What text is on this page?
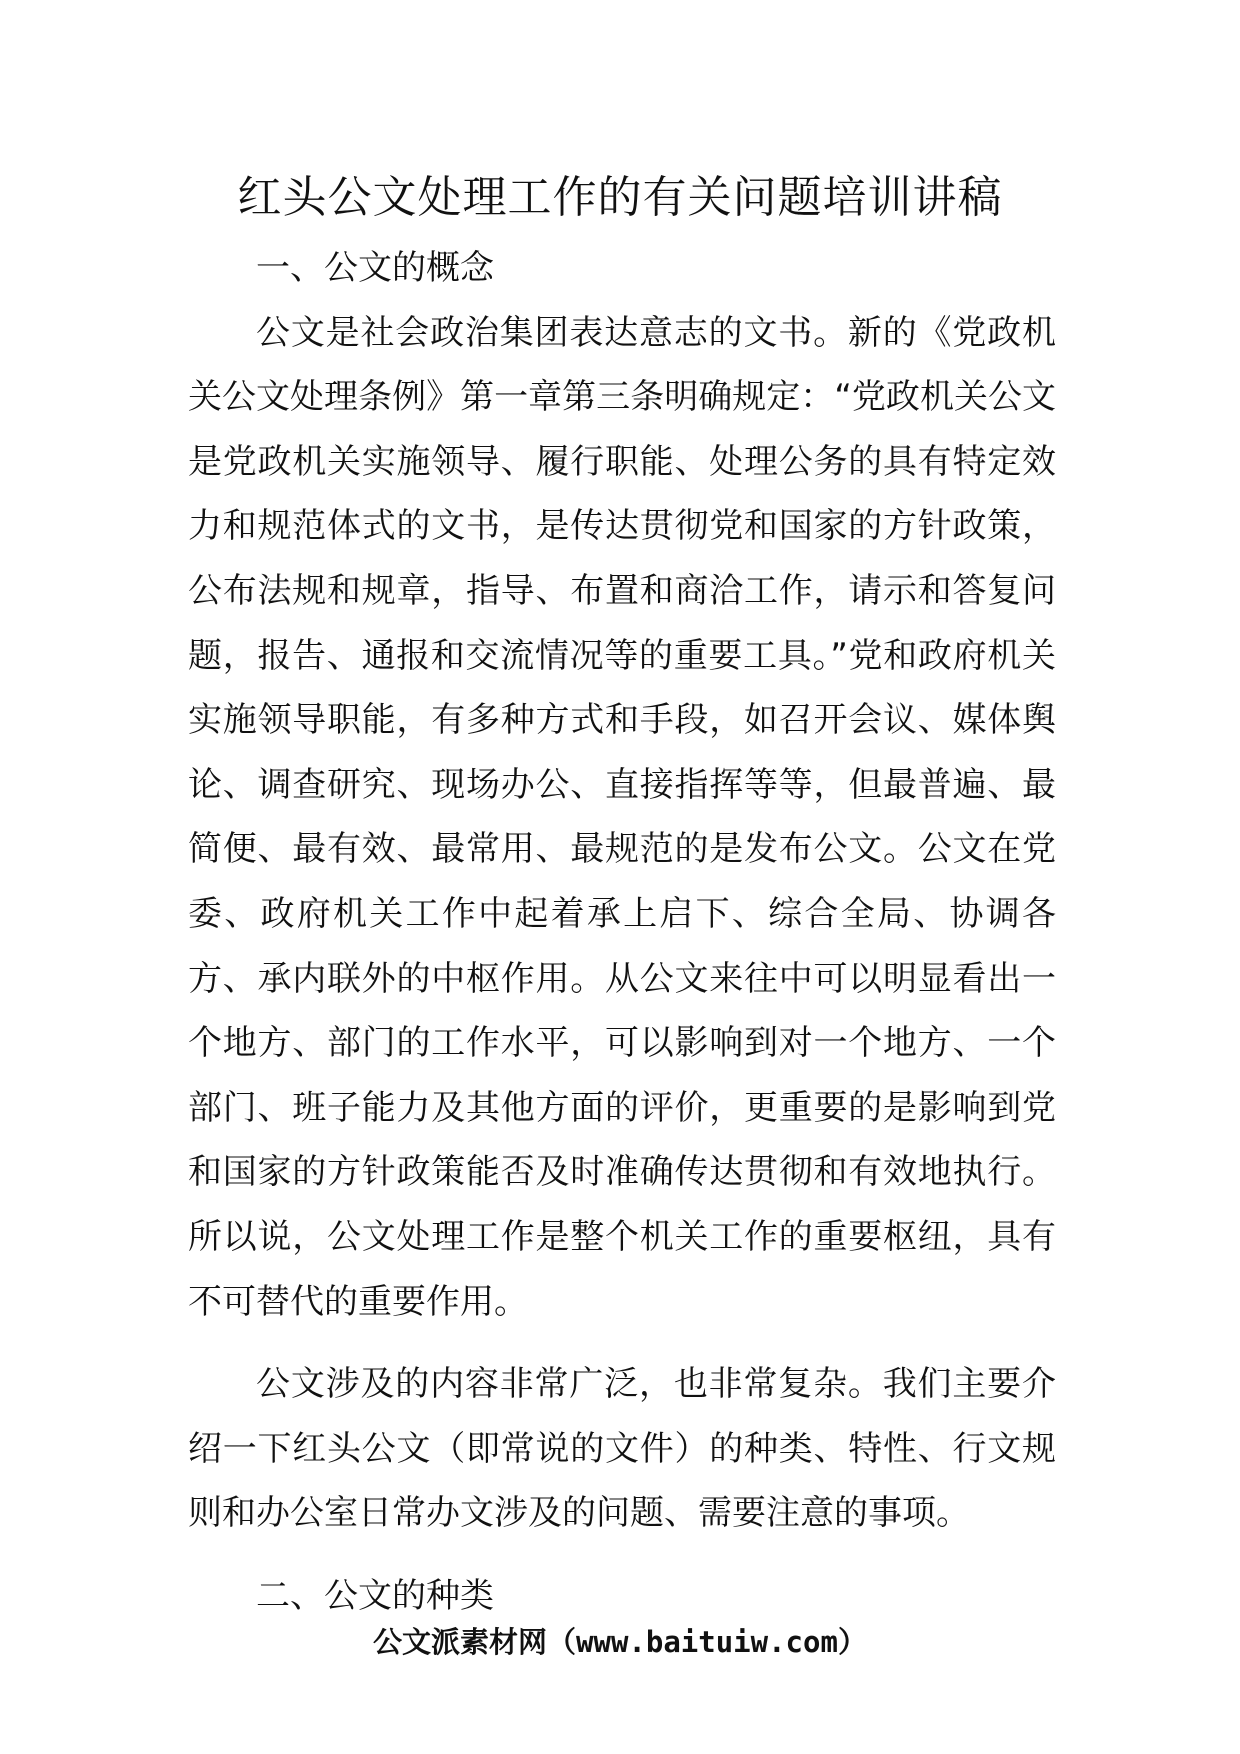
红头公文处理工作的有关问题培训讲稿

一、公文的概念

公文是社会政治集团表达意志的文书。新的《党政机关公文处理条例》第一章第三条明确规定：“党政机关公文是党政机关实施领导、履行职能、处理公务的具有特定效力和规范体式的文书，是传达贯彻党和国家的方针政策，公布法规和规章，指导、布置和商洽工作，请示和答复问题，报告、通报和交流情况等的重要工具。”党和政府机关实施领导职能，有多种方式和手段，如召开会议、媒体舆论、调查研究、现场办公、直接指挥等等，但最普遍、最简便、最有效、最常用、最规范的是发布公文。公文在党委、政府机关工作中起着承上启下、综合全局、协调各方、承内联外的中枢作用。从公文来往中可以明显看出一个地方、部门的工作水平，可以影响到对一个地方、一个部门、班子能力及其他方面的评价，更重要的是影响到党和国家的方针政策能否及时准确传达贯彻和有效地执行。所以说，公文处理工作是整个机关工作的重要枢纽，具有不可替代的重要作用。

公文涉及的内容非常广泛，也非常复杂。我们主要介绍一下红头公文（即常说的文件）的种类、特性、行文规则和办公室日常办文涉及的问题、需要注意的事项。

二、公文的种类

公文派素材网（www.baituiw.com）
